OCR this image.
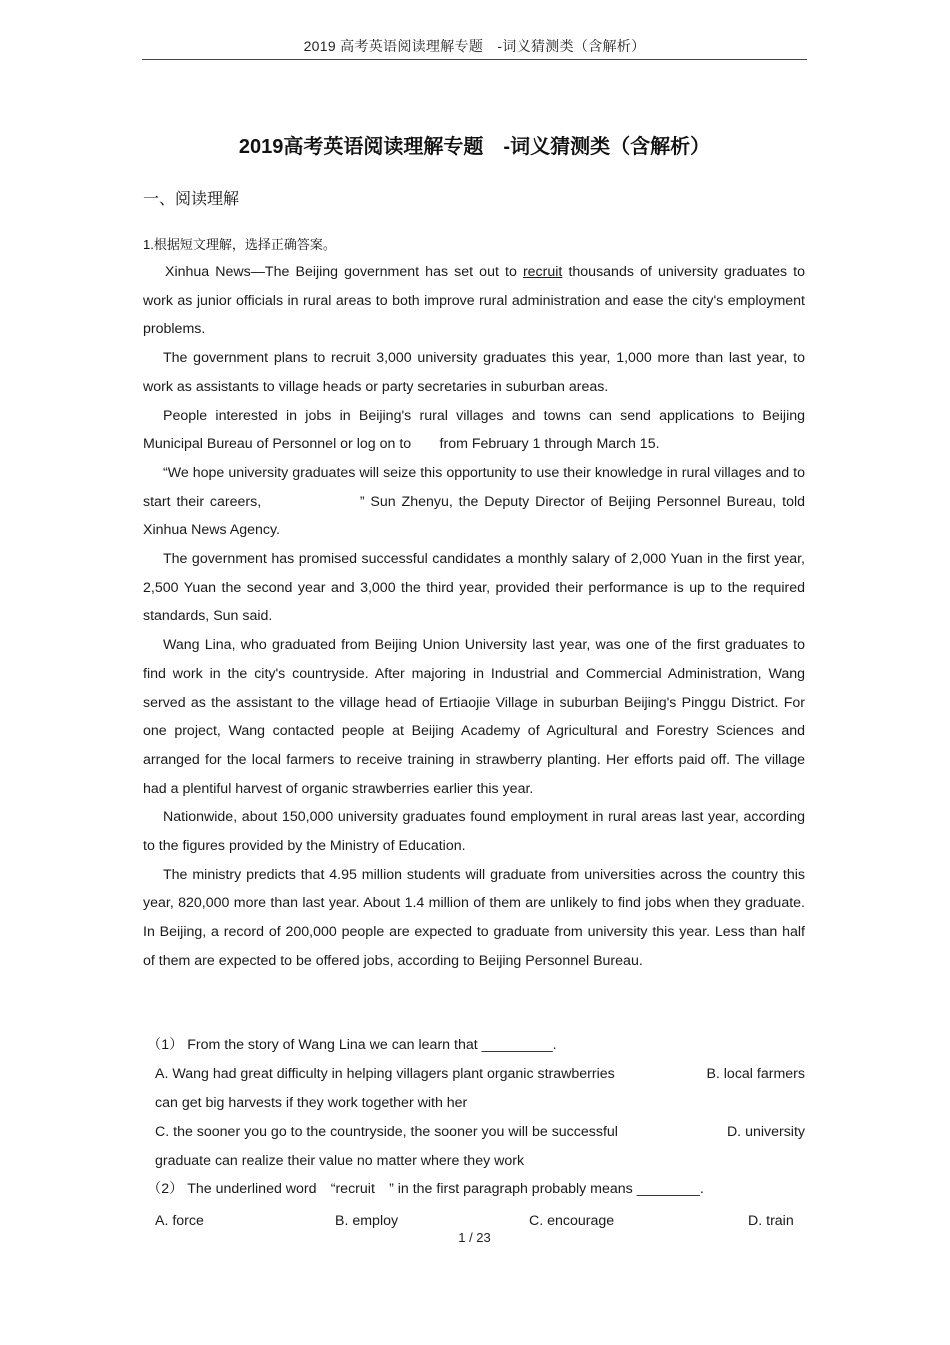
2019 高考英语阅读理解专题　-词义猜测类（含解析）
2019高考英语阅读理解专题　-词义猜测类（含解析）
一、阅读理解
1.根据短文理解，选择正确答案。

Xinhua News—The Beijing government has set out to recruit thousands of university graduates to work as junior officials in rural areas to both improve rural administration and ease the city's employment problems.

The government plans to recruit 3,000 university graduates this year, 1,000 more than last year, to work as assistants to village heads or party secretaries in suburban areas.

People interested in jobs in Beijing's rural villages and towns can send applications to Beijing Municipal Bureau of Personnel or log on to　　from February 1 through March 15.

“We hope university graduates will seize this opportunity to use their knowledge in rural villages and to start their careers,　　　　　　” Sun Zhenyu, the Deputy Director of Beijing Personnel Bureau, told Xinhua News Agency.

The government has promised successful candidates a monthly salary of 2,000 Yuan in the first year, 2,500 Yuan the second year and 3,000 the third year, provided their performance is up to the required standards, Sun said.

Wang Lina, who graduated from Beijing Union University last year, was one of the first graduates to find work in the city's countryside. After majoring in Industrial and Commercial Administration, Wang served as the assistant to the village head of Ertiaojie Village in suburban Beijing's Pinggu District. For one project, Wang contacted people at Beijing Academy of Agricultural and Forestry Sciences and arranged for the local farmers to receive training in strawberry planting. Her efforts paid off. The village had a plentiful harvest of organic strawberries earlier this year.

Nationwide, about 150,000 university graduates found employment in rural areas last year, according to the figures provided by the Ministry of Education.

The ministry predicts that 4.95 million students will graduate from universities across the country this year, 820,000 more than last year. About 1.4 million of them are unlikely to find jobs when they graduate. In Beijing, a record of 200,000 people are expected to graduate from university this year. Less than half of them are expected to be offered jobs, according to Beijing Personnel Bureau.

（1） From the story of Wang Lina we can learn that _________.
A. Wang had great difficulty in helping villagers plant organic strawberries	B. local farmers
can get big harvests if they work together with her
C. the sooner you go to the countryside, the sooner you will be successful	D. university
graduate can realize their value no matter where they work
（2） The underlined word　“recruit　” in the first paragraph probably means ________.
A. force	B. employ	C. encourage	D. train
1 / 23
